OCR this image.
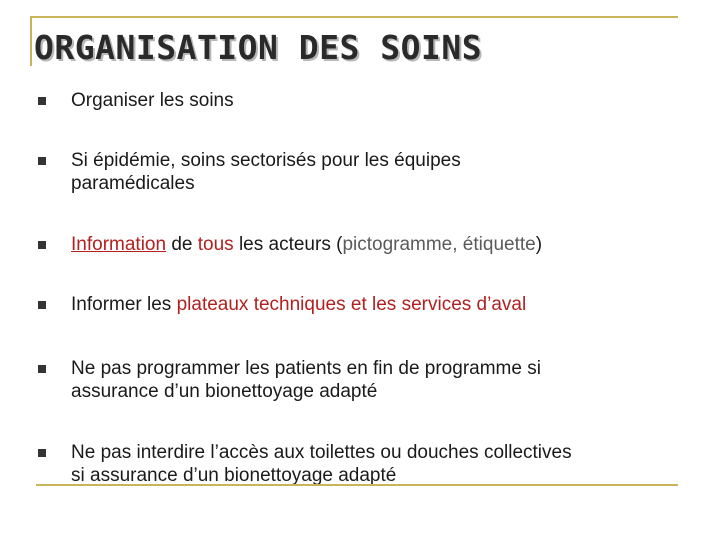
ORGANISATION DES SOINS
Organiser les soins
Si épidémie, soins sectorisés pour les équipes
paramédicales
Information de tous les acteurs (pictogramme, étiquette)
Informer les plateaux techniques et les services d’aval
Ne pas programmer les patients en fin de programme si
assurance d’un bionettoyage adapté
Ne pas interdire l’accès aux toilettes ou douches collectives
si assurance d’un bionettoyage adapté
